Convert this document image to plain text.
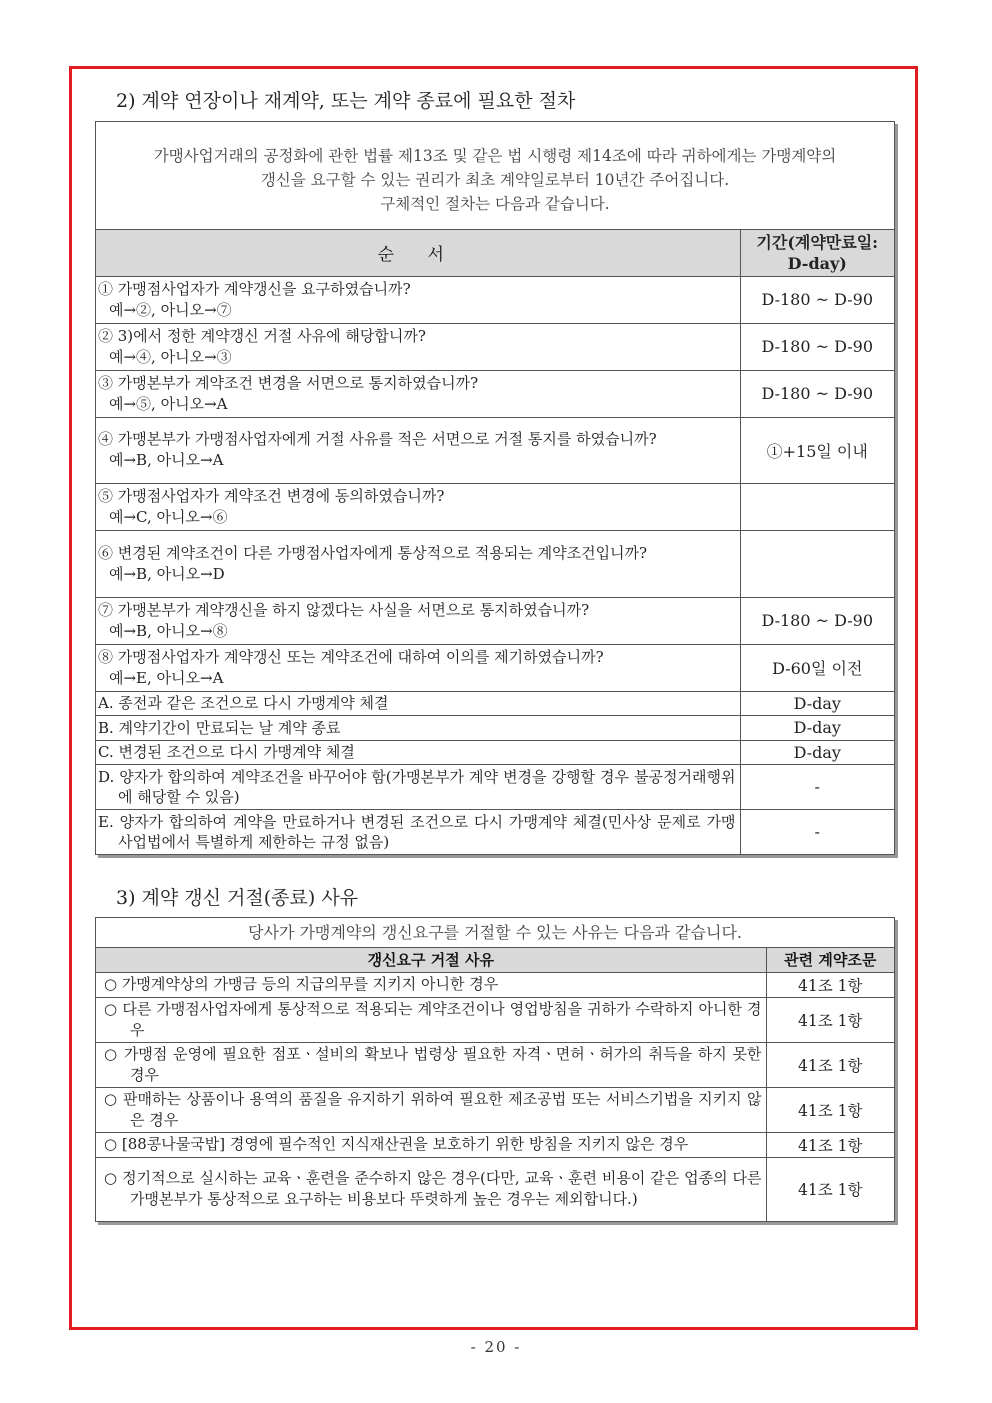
2) 계약 연장이나 재계약, 또는 계약 종료에 필요한 절차
가맹사업거래의 공정화에 관한 법률 제13조 및 같은 법 시행령 제14조에 따라 귀하에게는 가맹계약의
갱신을 요구할 수 있는 권리가 최초 계약일로부터 10년간 주어집니다.
구체적인 절차는 다음과 같습니다.
순 서	기간(계약만료일:
D-day)

① 가맹점사업자가 계약갱신을 요구하였습니까?
예→②, 아니오→⑦	D-180 ~ D-90

② 3)에서 정한 계약갱신 거절 사유에 해당합니까?
예→④, 아니오→③	D-180 ~ D-90

③ 가맹본부가 계약조건 변경을 서면으로 통지하였습니까?
예→⑤, 아니오→A	D-180 ~ D-90

④ 가맹본부가 가맹점사업자에게 거절 사유를 적은 서면으로 거절 통지를 하였습니까?
예→B, 아니오→A	①+15일 이내

⑤ 가맹점사업자가 계약조건 변경에 동의하였습니까?
예→C, 아니오→⑥	

⑥ 변경된 계약조건이 다른 가맹점사업자에게 통상적으로 적용되는 계약조건입니까?
예→B, 아니오→D	

⑦ 가맹본부가 계약갱신을 하지 않겠다는 사실을 서면으로 통지하였습니까?
예→B, 아니오→⑧	D-180 ~ D-90

⑧ 가맹점사업자가 계약갱신 또는 계약조건에 대하여 이의를 제기하였습니까?
예→E, 아니오→A	D-60일 이전
A. 종전과 같은 조건으로 다시 가맹계약 체결	D-day
B. 계약기간이 만료되는 날 계약 종료	D-day
C. 변경된 조건으로 다시 가맹계약 체결	D-day

D. 양자가 합의하여 계약조건을 바꾸어야 함(가맹본부가 계약 변경을 강행할 경우 불공정거래행위에 해당할 수 있음)	-

E. 양자가 합의하여 계약을 만료하거나 변경된 조건으로 다시 가맹계약 체결(민사상 문제로 가맹사업법에서 특별하게 제한하는 규정 없음)	-
3) 계약 갱신 거절(종료) 사유
당사가 가맹계약의 갱신요구를 거절할 수 있는 사유는 다음과 같습니다.
갱신요구 거절 사유	관련 계약조문

○ 가맹계약상의 가맹금 등의 지급의무를 지키지 아니한 경우	41조 1항

○ 다른 가맹점사업자에게 통상적으로 적용되는 계약조건이나 영업방침을 귀하가 수락하지 아니한 경우	41조 1항

○ 가맹점 운영에 필요한 점포ㆍ설비의 확보나 법령상 필요한 자격ㆍ면허ㆍ허가의 취득을 하지 못한 경우	41조 1항

○ 판매하는 상품이나 용역의 품질을 유지하기 위하여 필요한 제조공법 또는 서비스기법을 지키지 않은 경우	41조 1항

○ [88콩나물국밥] 경영에 필수적인 지식재산권을 보호하기 위한 방침을 지키지 않은 경우	41조 1항

○ 정기적으로 실시하는 교육ㆍ훈련을 준수하지 않은 경우(다만, 교육ㆍ훈련 비용이 같은 업종의 다른 가맹본부가 통상적으로 요구하는 비용보다 뚜렷하게 높은 경우는 제외합니다.)	41조 1항
- 20 -
